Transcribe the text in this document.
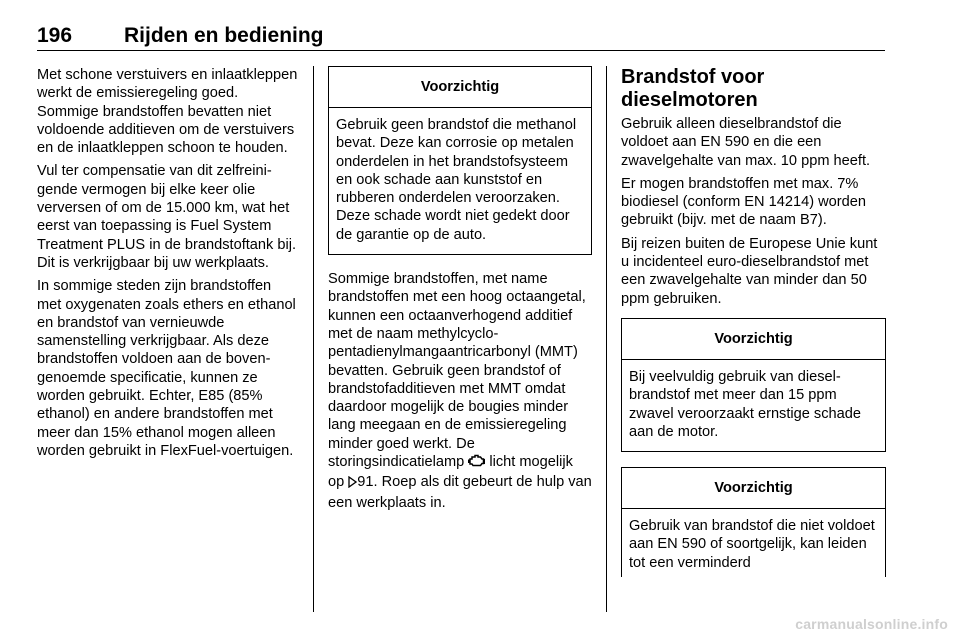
196 Rijden en bediening

Met schone verstuivers en inlaatkleppen werkt de emissieregeling goed. Sommige brandstoffen bevatten niet voldoende additieven om de verstuivers en de inlaatkleppen schoon te houden.

Vul ter compensatie van dit zelfreinigende vermogen bij elke keer olie verversen of om de 15.000 km, wat het eerst van toepassing is Fuel System Treatment PLUS in de brandstoftank bij. Dit is verkrijgbaar bij uw werkplaats.

In sommige steden zijn brandstoffen met oxygenaten zoals ethers en ethanol en brandstof van vernieuwde samenstelling verkrijgbaar. Als deze brandstoffen voldoen aan de bovengenoemde specificatie, kunnen ze worden gebruikt. Echter, E85 (85% ethanol) en andere brandstoffen met meer dan 15% ethanol mogen alleen worden gebruikt in FlexFuel-voertuigen.

Voorzichtig

Gebruik geen brandstof die methanol bevat. Deze kan corrosie op metalen onderdelen in het brandstofsysteem en ook schade aan kunststof en rubberen onderdelen veroorzaken. Deze schade wordt niet gedekt door de garantie op de auto.

Sommige brandstoffen, met name brandstoffen met een hoog octaangetal, kunnen een octaanverhogend additief met de naam methylcyclopentadienylmangaantricarbonyl (MMT) bevatten. Gebruik geen brandstof of brandstofadditieven met MMT omdat daardoor mogelijk de bougies minder lang meegaan en de emissieregeling minder goed werkt. De storingsindicatielamp  licht mogelijk op 91. Roep als dit gebeurt de hulp van een werkplaats in.

Brandstof voor dieselmotoren

Gebruik alleen dieselbrandstof die voldoet aan EN 590 en die een zwavelgehalte van max. 10 ppm heeft.

Er mogen brandstoffen met max. 7% biodiesel (conform EN 14214) worden gebruikt (bijv. met de naam B7).

Bij reizen buiten de Europese Unie kunt u incidenteel euro-dieselbrandstof met een zwavelgehalte van minder dan 50 ppm gebruiken.

Voorzichtig

Bij veelvuldig gebruik van dieselbrandstof met meer dan 15 ppm zwavel veroorzaakt ernstige schade aan de motor.

Voorzichtig

Gebruik van brandstof die niet voldoet aan EN 590 of soortgelijk, kan leiden tot een verminderd

carmanualsonline.info
